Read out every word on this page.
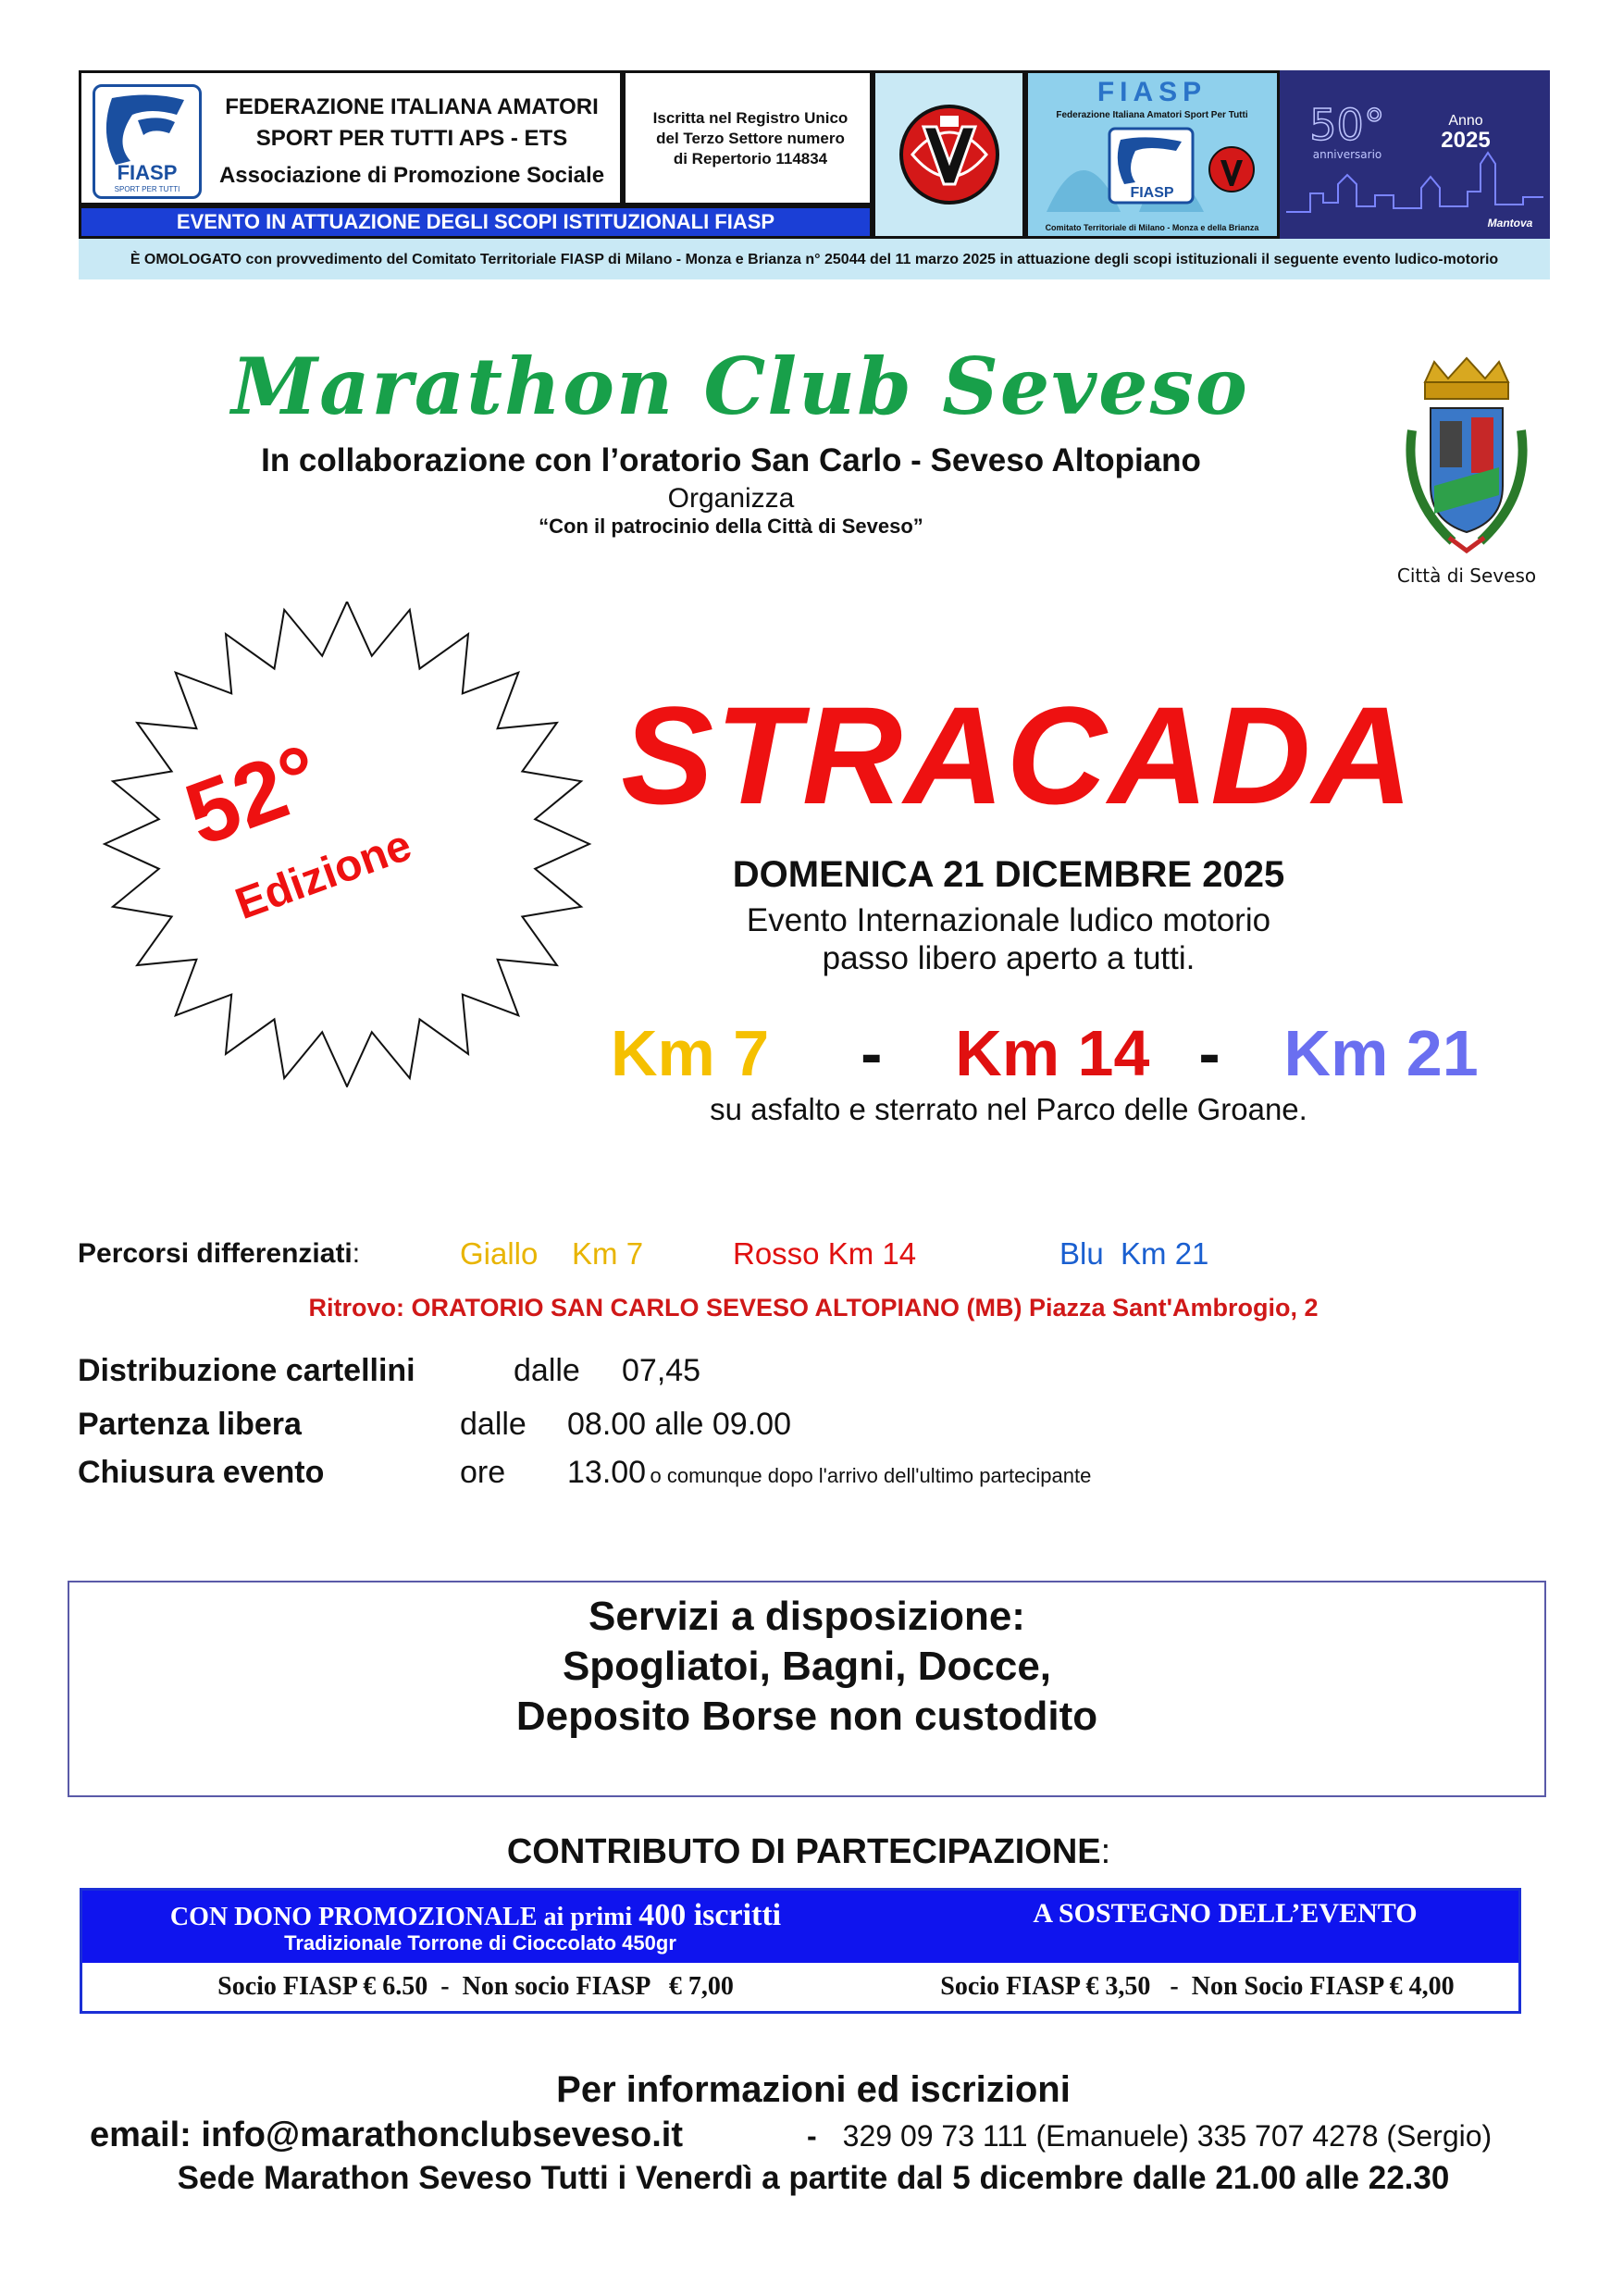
FIASP
SPORT PER TUTTI
FEDERAZIONE ITALIANA AMATORI
SPORT PER TUTTI APS - ETS
Associazione di Promozione Sociale
Iscritta nel Registro Unico
del Terzo Settore numero
di Repertorio 114834
FIASP
FIASP
Federazione Italiana Amatori Sport Per Tutti
Comitato Territoriale di Milano - Monza e della Brianza
50°
anniversario
Anno
2025
Mantova
EVENTO IN ATTUAZIONE DEGLI SCOPI ISTITUZIONALI FIASP
È OMOLOGATO con provvedimento del Comitato Territoriale FIASP di Milano - Monza e Brianza n° 25044 del 11 marzo 2025 in attuazione degli scopi istituzionali il seguente evento ludico-motorio
Marathon Club Seveso
In collaborazione con l’oratorio San Carlo - Seveso Altopiano
Organizza
“Con il patrocinio della Città di Seveso”
Città di Seveso
52°
Edizione
STRACADA
DOMENICA 21 DICEMBRE 2025
Evento Internazionale ludico motorio
passo libero aperto a tutti.
Km 7 - Km 14 - Km 21
su asfalto e sterrato nel Parco delle Groane.
Percorsi differenziati:	Giallo    Km 7	Rosso Km 14	Blu  Km 21
Ritrovo: ORATORIO SAN CARLO SEVESO ALTOPIANO (MB) Piazza Sant'Ambrogio, 2
Distribuzione cartellini	dalle 07,45
Partenza libera	dalle 08.00 alle 09.00
Chiusura evento	ore 13.00 o comunque dopo l'arrivo dell'ultimo partecipante
Servizi a disposizione:
Spogliatoi, Bagni, Docce,
Deposito Borse non custodito
CONTRIBUTO DI PARTECIPAZIONE:
CON DONO PROMOZIONALE ai primi 400 iscritti
Tradizionale Torrone di Cioccolato 450gr
A SOSTEGNO DELL’EVENTO
Socio FIASP € 6.50  -  Non socio FIASP   € 7,00	Socio FIASP € 3,50   -  Non Socio FIASP € 4,00
Per informazioni ed iscrizioni
email: info@marathonclubseveso.it	- 329 09 73 111 (Emanuele) 335 707 4278 (Sergio)
Sede Marathon Seveso Tutti i Venerdì a partite dal 5 dicembre dalle 21.00 alle 22.30
